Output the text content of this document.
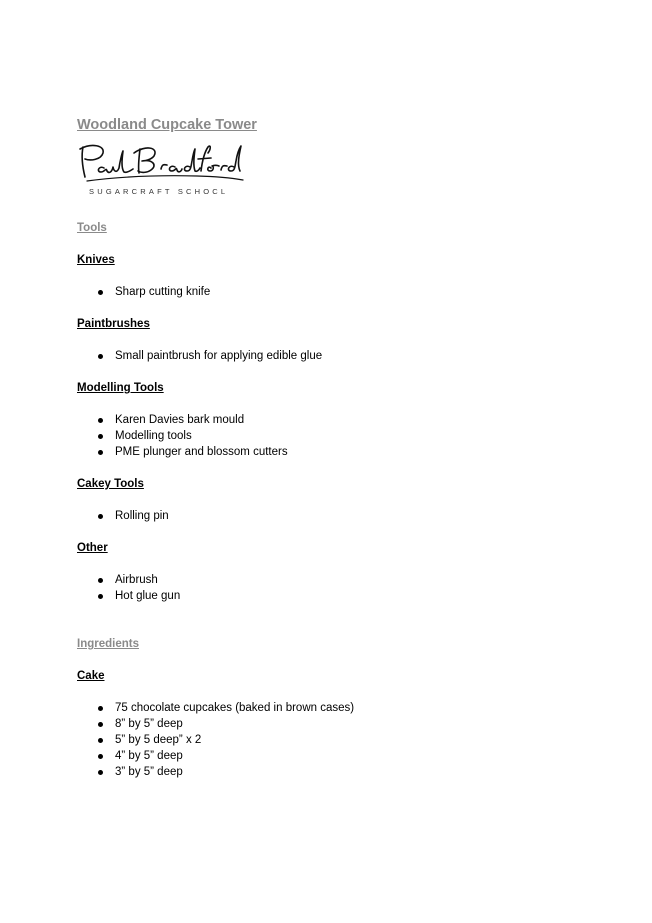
Woodland Cupcake Tower
SUGARCRAFT SCHOCL
Tools
Knives
Sharp cutting knife
Paintbrushes
Small paintbrush for applying edible glue
Modelling Tools
Karen Davies bark mould
Modelling tools
PME plunger and blossom cutters
Cakey Tools
Rolling pin
Other
Airbrush
Hot glue gun
Ingredients
Cake
75 chocolate cupcakes (baked in brown cases)
8” by 5” deep
5” by 5 deep” x 2
4” by 5” deep
3” by 5” deep
